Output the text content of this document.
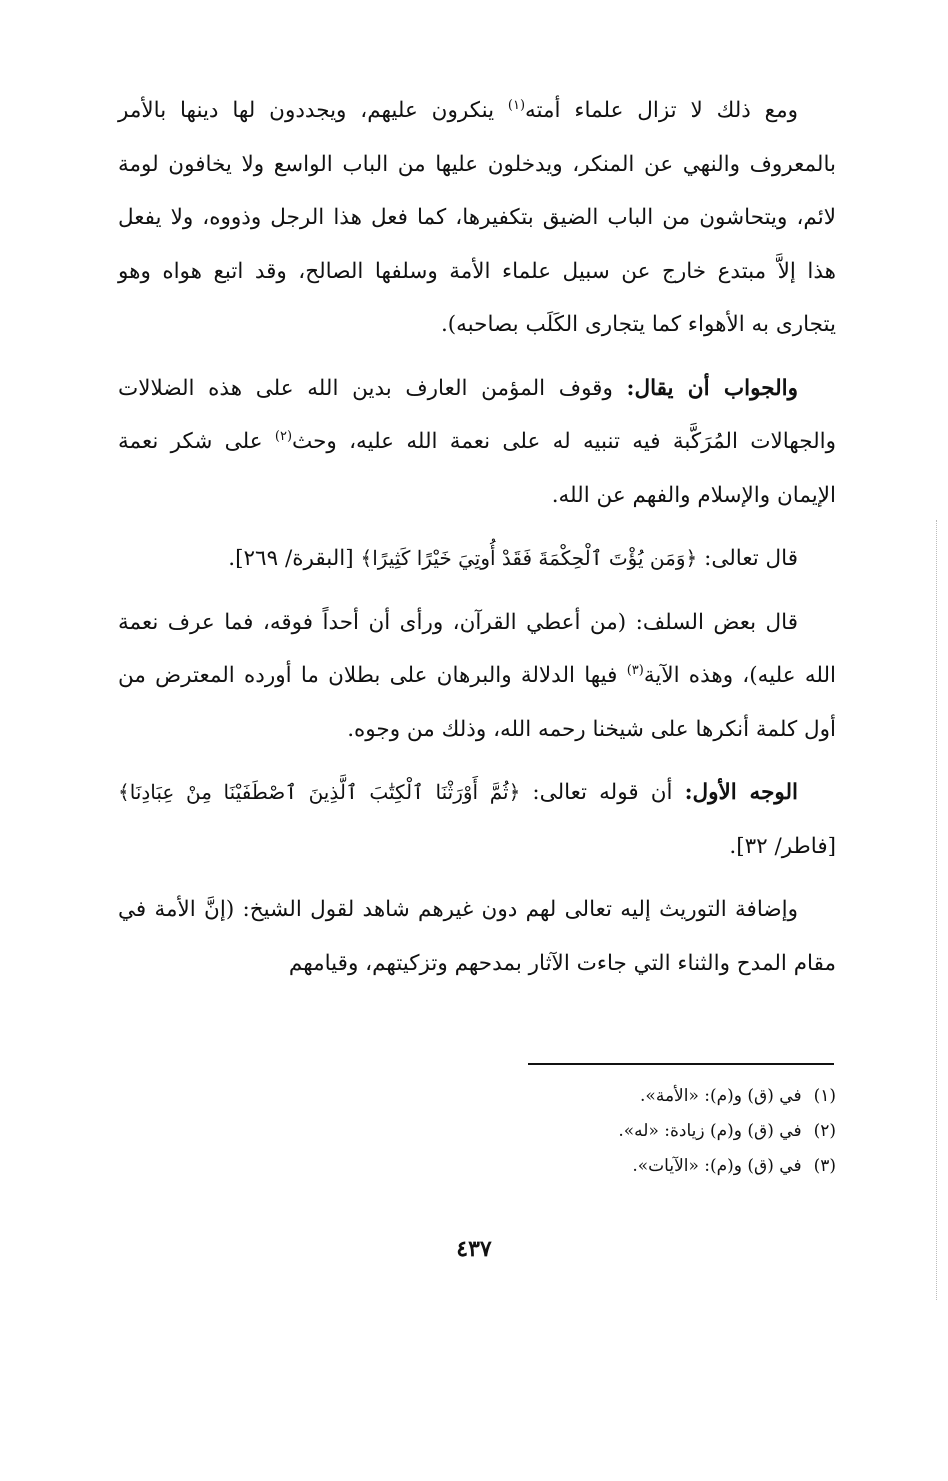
ومع ذلك لا تزال علماء أمته$^{(١)}$ ينكرون عليهم، ويجددون لها دينها بالأمر بالمعروف والنهي عن المنكر، ويدخلون عليها من الباب الواسع ولا يخافون لومة لائم، ويتحاشون من الباب الضيق بتكفيرها، كما فعل هذا الرجل وذووه، ولا يفعل هذا إلاَّ مبتدع خارج عن سبيل علماء الأمة وسلفها الصالح، وقد اتبع هواه وهو يتجارى به الأهواء كما يتجارى الكَلَب بصاحبه).

والجواب أن يقال: وقوف المؤمن العارف بدين الله على هذه الضلالات والجهالات المُرَكَّبة فيه تنبيه له على نعمة الله عليه، وحث$^{(٢)}$ على شكر نعمة الإيمان والإسلام والفهم عن الله.

قال تعالى: ﴿وَمَن يُؤْتَ ٱلْحِكْمَةَ فَقَدْ أُوتِيَ خَيْرًا كَثِيرًا﴾ [البقرة/ ٢٦٩].

قال بعض السلف: (من أعطي القرآن، ورأى أن أحداً فوقه، فما عرف نعمة الله عليه)، وهذه الآية$^{(٣)}$ فيها الدلالة والبرهان على بطلان ما أورده المعترض من أول كلمة أنكرها على شيخنا رحمه الله، وذلك من وجوه.

الوجه الأول: أن قوله تعالى: ﴿ثُمَّ أَوْرَثْنَا ٱلْكِتَٰبَ ٱلَّذِينَ ٱصْطَفَيْنَا مِنْ عِبَادِنَا﴾ [فاطر/ ٣٢].

وإضافة التوريث إليه تعالى لهم دون غيرهم شاهد لقول الشيخ: (إنَّ الأمة في مقام المدح والثناء التي جاءت الآثار بمدحهم وتزكيتهم، وقيامهم

(١)في (ق) و(م): «الأمة».

(٢)في (ق) و(م) زيادة: «له».

(٣)في (ق) و(م): «الآيات».

٤٣٧
